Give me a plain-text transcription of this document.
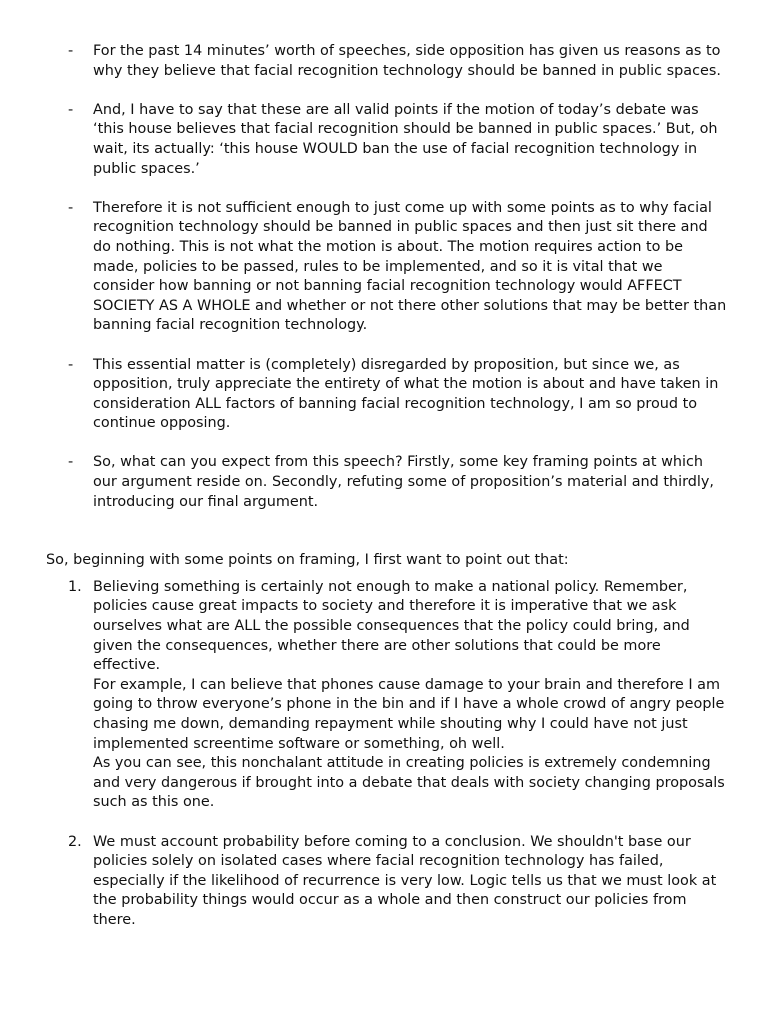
- For the past 14 minutes’ worth of speeches, side opposition has given us reasons as to why they believe that facial recognition technology should be banned in public spaces.
- And, I have to say that these are all valid points if the motion of today’s debate was ‘this house believes that facial recognition should be banned in public spaces.’ But, oh wait, its actually: ‘this house WOULD ban the use of facial recognition technology in public spaces.’
- Therefore it is not sufficient enough to just come up with some points as to why facial recognition technology should be banned in public spaces and then just sit there and do nothing. This is not what the motion is about. The motion requires action to be made, policies to be passed, rules to be implemented, and so it is vital that we consider how banning or not banning facial recognition technology would AFFECT SOCIETY AS A WHOLE and whether or not there other solutions that may be better than banning facial recognition technology.
- This essential matter is (completely) disregarded by proposition, but since we, as opposition, truly appreciate the entirety of what the motion is about and have taken in consideration ALL factors of banning facial recognition technology, I am so proud to continue opposing.
- So, what can you expect from this speech? Firstly, some key framing points at which our argument reside on. Secondly, refuting some of proposition’s material and thirdly, introducing our final argument.

So, beginning with some points on framing, I first want to point out that:

1. Believing something is certainly not enough to make a national policy. Remember, policies cause great impacts to society and therefore it is imperative that we ask ourselves what are ALL the possible consequences that the policy could bring, and given the consequences, whether there are other solutions that could be more effective.
For example, I can believe that phones cause damage to your brain and therefore I am going to throw everyone’s phone in the bin and if I have a whole crowd of angry people chasing me down, demanding repayment while shouting why I could have not just implemented screentime software or something, oh well.
As you can see, this nonchalant attitude in creating policies is extremely condemning and very dangerous if brought into a debate that deals with society changing proposals such as this one.
2. We must account probability before coming to a conclusion. We shouldn't base our policies solely on isolated cases where facial recognition technology has failed, especially if the likelihood of recurrence is very low. Logic tells us that we must look at the probability things would occur as a whole and then construct our policies from there.
